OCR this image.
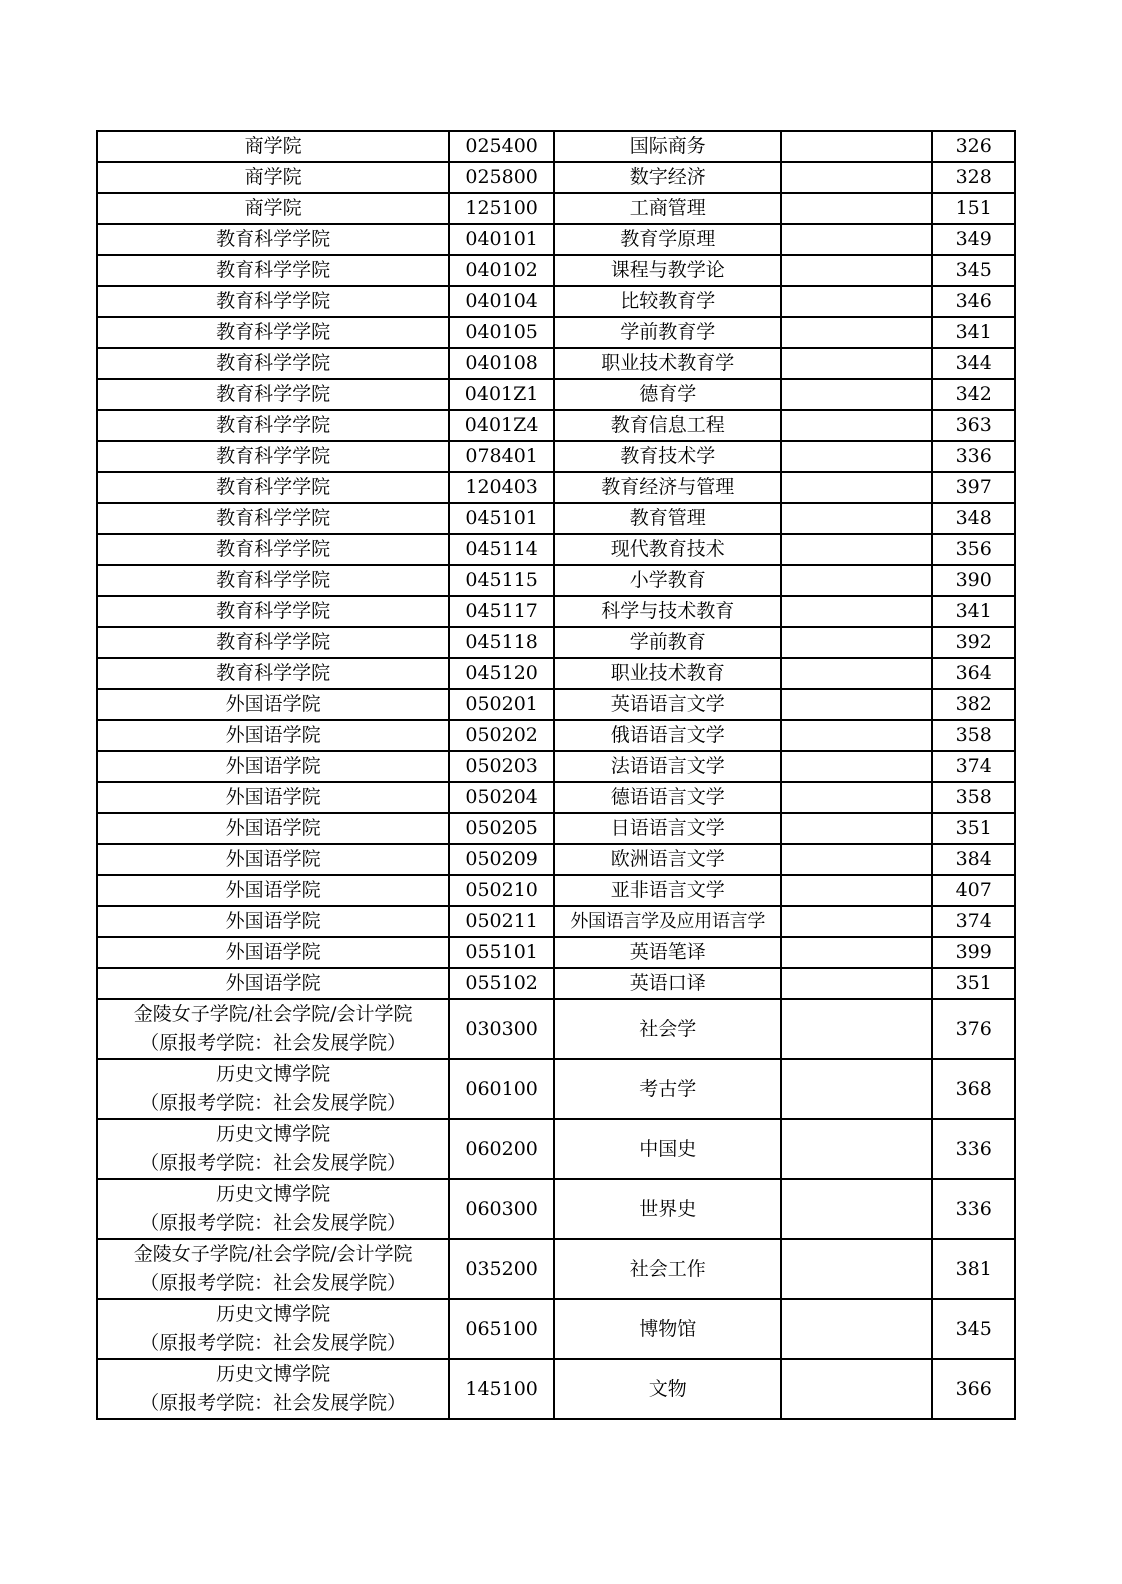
商学院	025400	国际商务		326

商学院	025800	数字经济		328

商学院	125100	工商管理		151

教育科学学院	040101	教育学原理		349

教育科学学院	040102	课程与教学论		345

教育科学学院	040104	比较教育学		346

教育科学学院	040105	学前教育学		341

教育科学学院	040108	职业技术教育学		344

教育科学学院	0401Z1	德育学		342

教育科学学院	0401Z4	教育信息工程		363

教育科学学院	078401	教育技术学		336

教育科学学院	120403	教育经济与管理		397

教育科学学院	045101	教育管理		348

教育科学学院	045114	现代教育技术		356

教育科学学院	045115	小学教育		390

教育科学学院	045117	科学与技术教育		341

教育科学学院	045118	学前教育		392

教育科学学院	045120	职业技术教育		364

外国语学院	050201	英语语言文学		382

外国语学院	050202	俄语语言文学		358

外国语学院	050203	法语语言文学		374

外国语学院	050204	德语语言文学		358

外国语学院	050205	日语语言文学		351

外国语学院	050209	欧洲语言文学		384

外国语学院	050210	亚非语言文学		407

外国语学院	050211	外国语言学及应用语言学		374

外国语学院	055101	英语笔译		399

外国语学院	055102	英语口译		351

金陵女子学院/社会学院/会计学院
（原报考学院：社会发展学院）	030300	社会学		376

历史文博学院
（原报考学院：社会发展学院）	060100	考古学		368

历史文博学院
（原报考学院：社会发展学院）	060200	中国史		336

历史文博学院
（原报考学院：社会发展学院）	060300	世界史		336

金陵女子学院/社会学院/会计学院
（原报考学院：社会发展学院）	035200	社会工作		381

历史文博学院
（原报考学院：社会发展学院）	065100	博物馆		345

历史文博学院
（原报考学院：社会发展学院）	145100	文物		366
